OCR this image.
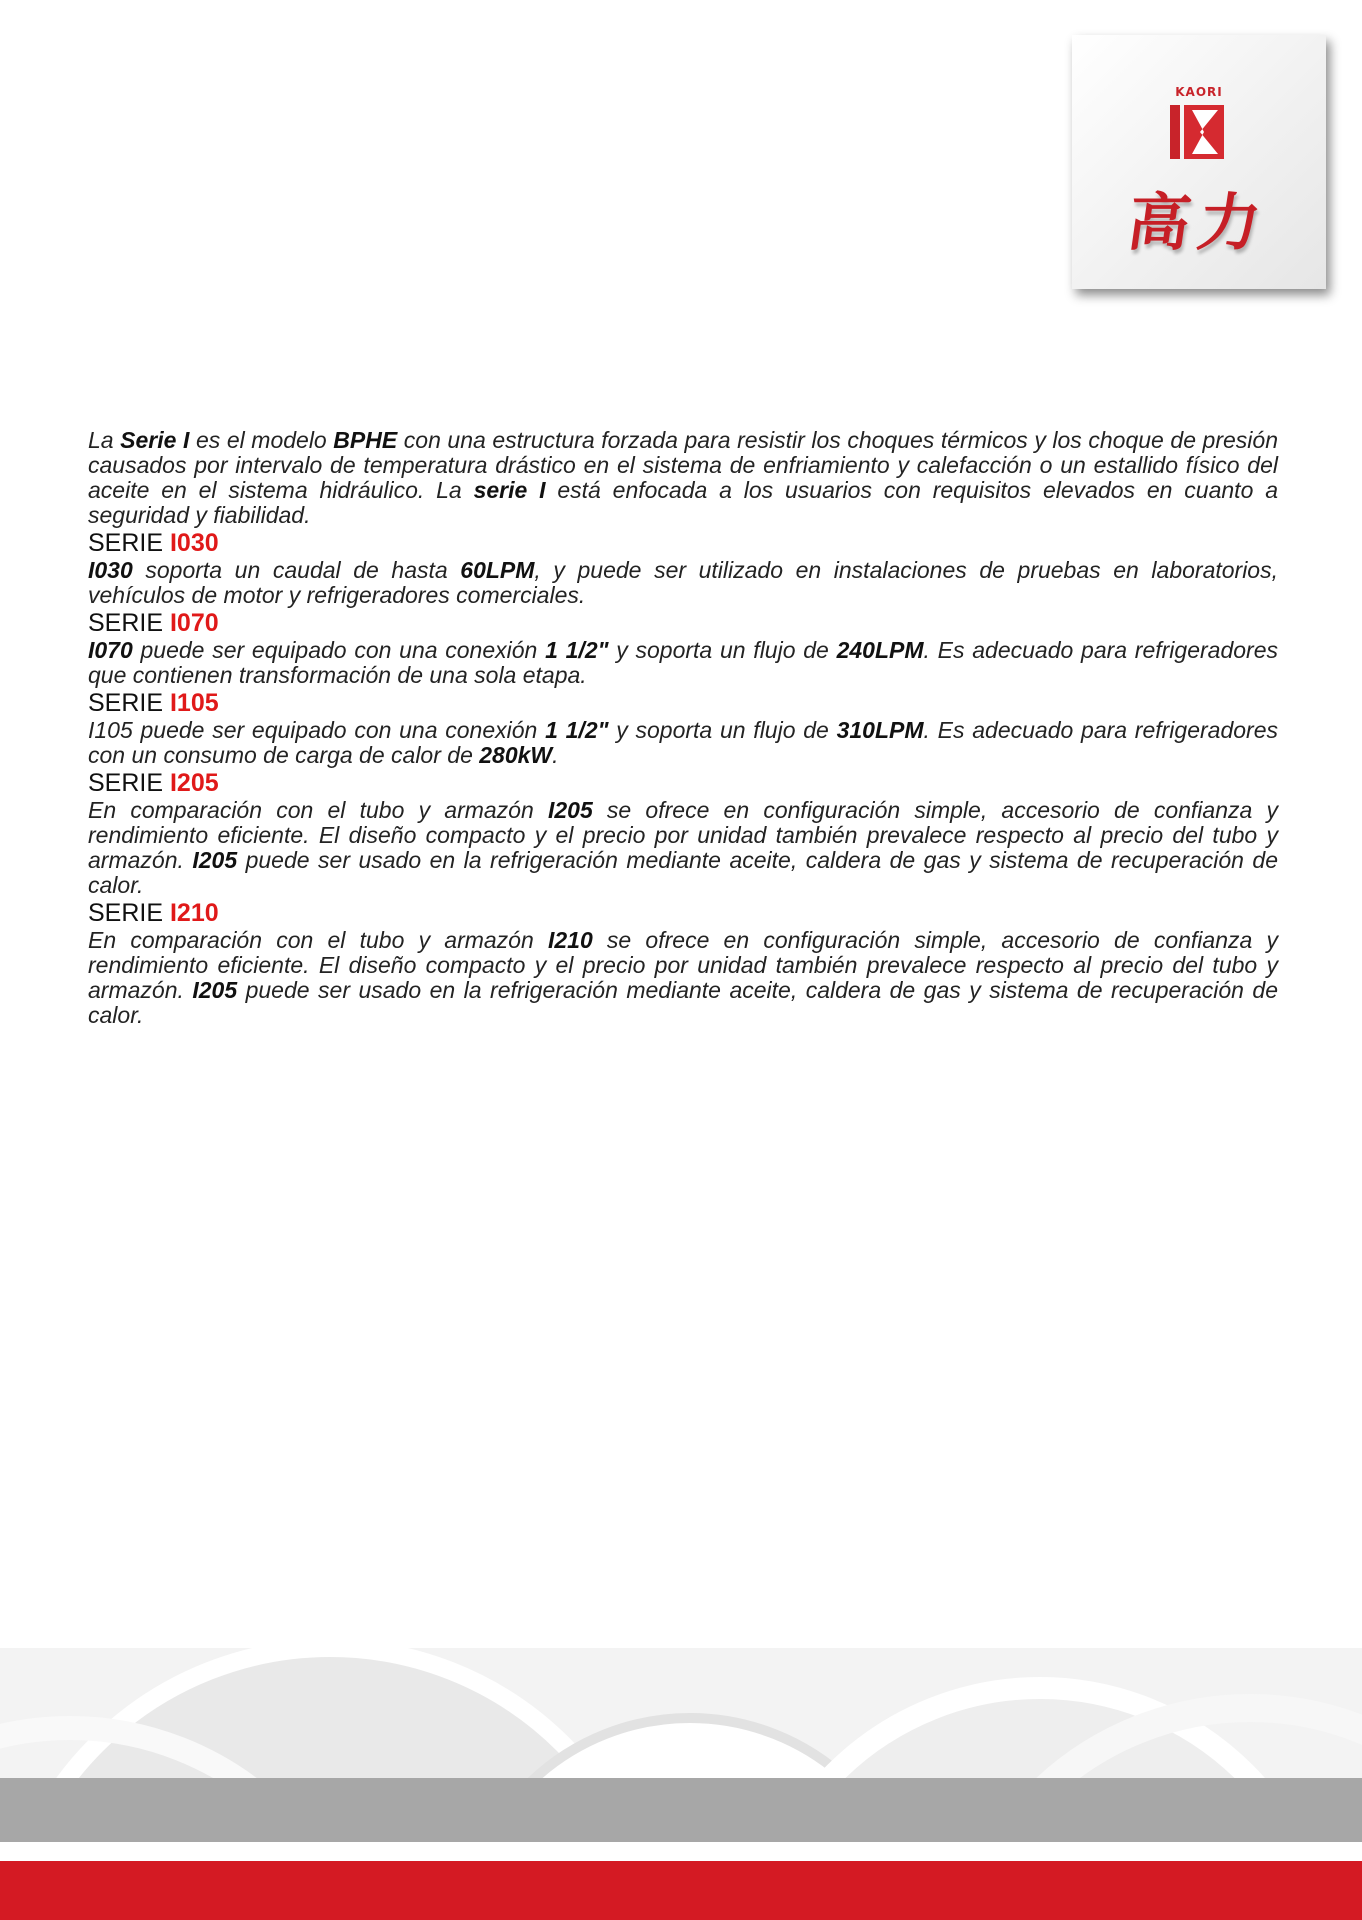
KAORI
高力

La Serie I es el modelo BPHE con una estructura forzada para resistir los choques térmicos y los choque de presión causados por intervalo de temperatura drástico en el sistema de enfriamiento y calefacción o un estallido físico del aceite en el sistema hidráulico. La serie I está enfocada a los usuarios con requisitos elevados en cuanto a seguridad y fiabilidad.

SERIE I030

I030 soporta un caudal de hasta 60LPM, y puede ser utilizado en instalaciones de pruebas en laboratorios, vehículos de motor y refrigeradores comerciales.

SERIE I070

I070 puede ser equipado con una conexión 1 1/2" y soporta un flujo de 240LPM. Es adecuado para refrigeradores que contienen transformación de una sola etapa.

SERIE I105

I105 puede ser equipado con una conexión 1 1/2" y soporta un flujo de 310LPM. Es adecuado para refrigeradores con un consumo de carga de calor de 280kW.

SERIE I205

En comparación con el tubo y armazón I205 se ofrece en configuración simple, accesorio de confianza y rendimiento eficiente. El diseño compacto y el precio por unidad también prevalece respecto al precio del tubo y armazón. I205 puede ser usado en la refrigeración mediante aceite, caldera de gas y sistema de recuperación de calor.

SERIE I210

En comparación con el tubo y armazón I210 se ofrece en configuración simple, accesorio de confianza y rendimiento eficiente. El diseño compacto y el precio por unidad también prevalece respecto al precio del tubo y armazón. I205 puede ser usado en la refrigeración mediante aceite, caldera de gas y sistema de recuperación de calor.
